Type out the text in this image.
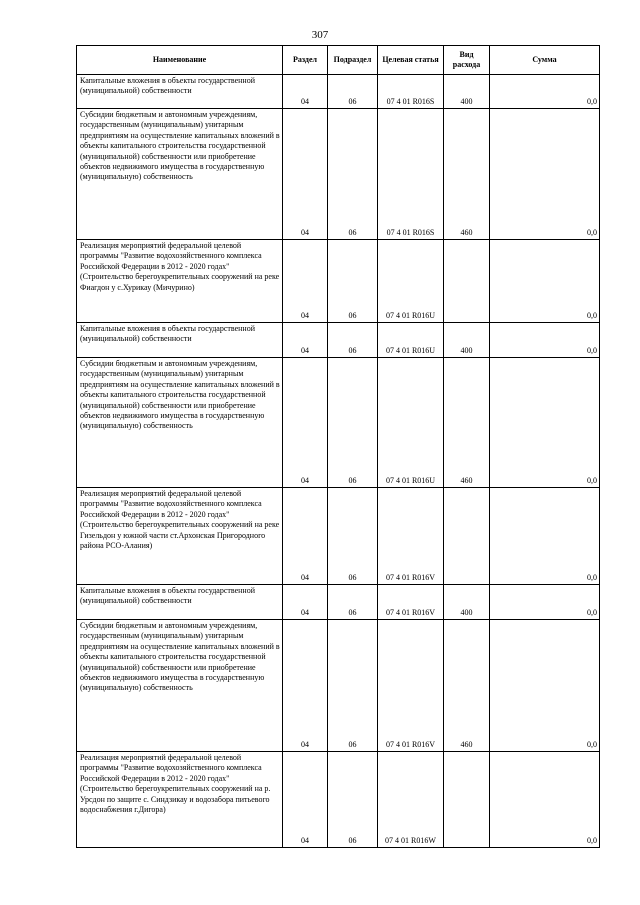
307
Наименование	Раздел	Подраздел	Целевая статья	Вид расхода	Сумма
Капитальные вложения в объекты государственной (муниципальной) собственности	04	06	07 4 01 R016S	400	0,0
Субсидии бюджетным и автономным учреждениям, государственным (муниципальным) унитарным предприятиям на осуществление капитальных вложений в объекты капитального строительства государственной (муниципальной) собственности или приобретение объектов недвижимого имущества в государственную (муниципальную) собственность	04	06	07 4 01 R016S	460	0,0
Реализация мероприятий федеральной целевой программы "Развитие водохозяйственного комплекса Российской Федерации в 2012 - 2020 годах" (Строительство берегоукрепительных сооружений на реке Фиагдон у с.Хурикау (Мичурино)	04	06	07 4 01 R016U		0,0
Капитальные вложения в объекты государственной (муниципальной) собственности	04	06	07 4 01 R016U	400	0,0
Субсидии бюджетным и автономным учреждениям, государственным (муниципальным) унитарным предприятиям на осуществление капитальных вложений в объекты капитального строительства государственной (муниципальной) собственности или приобретение объектов недвижимого имущества в государственную (муниципальную) собственность	04	06	07 4 01 R016U	460	0,0
Реализация мероприятий федеральной целевой программы "Развитие водохозяйственного комплекса Российской Федерации в 2012 - 2020 годах" (Строительство берегоукрепительных сооружений на реке Гизельдон у южной части ст.Архонская Пригородного района РСО-Алания)	04	06	07 4 01 R016V		0,0
Капитальные вложения в объекты государственной (муниципальной) собственности	04	06	07 4 01 R016V	400	0,0
Субсидии бюджетным и автономным учреждениям, государственным (муниципальным) унитарным предприятиям на осуществление капитальных вложений в объекты капитального строительства государственной (муниципальной) собственности или приобретение объектов недвижимого имущества в государственную (муниципальную) собственность	04	06	07 4 01 R016V	460	0,0
Реализация мероприятий федеральной целевой программы "Развитие водохозяйственного комплекса Российской Федерации в 2012 - 2020 годах" (Строительство берегоукрепительных сооружений на р. Урсдон по защите с. Синдзикау и водозабора питьевого водоснабжения г.Дигора)	04	06	07 4 01 R016W		0,0
